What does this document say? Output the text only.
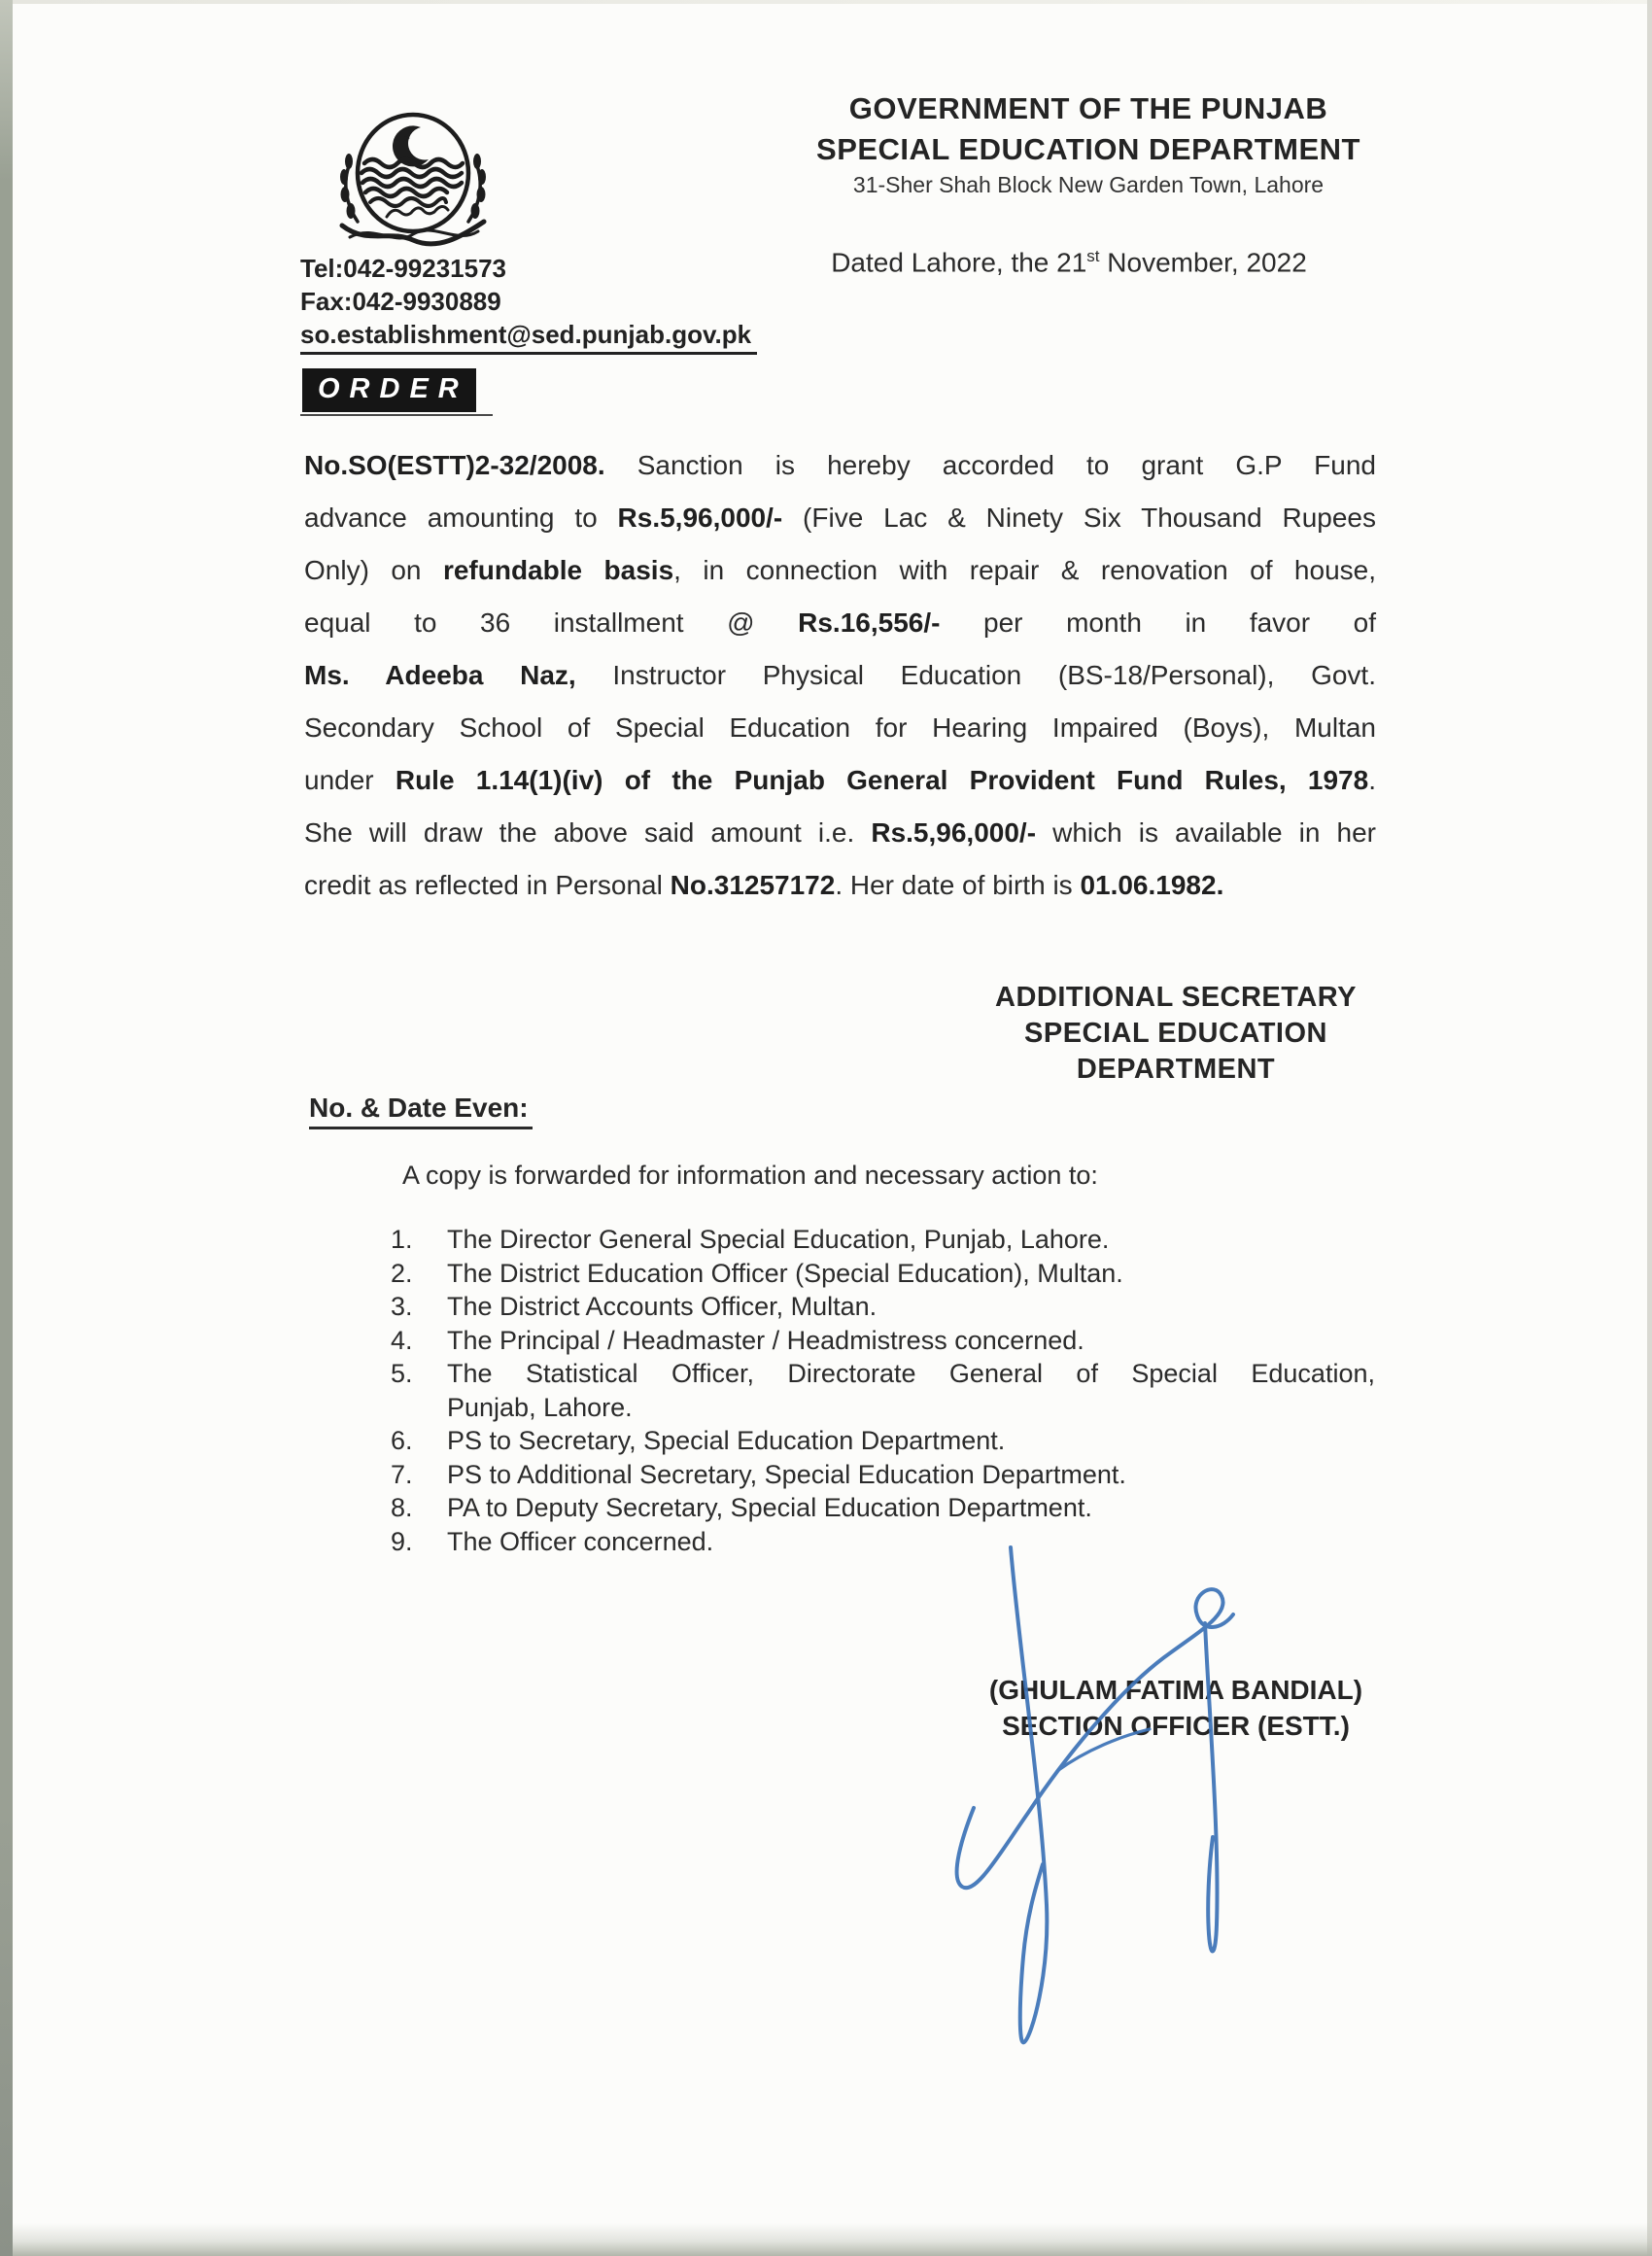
Tel:042-99231573
Fax:042-9930889
so.establishment@sed.punjab.gov.pk
GOVERNMENT OF THE PUNJAB
SPECIAL EDUCATION DEPARTMENT
31-Sher Shah Block New Garden Town, Lahore
Dated Lahore, the 21st November, 2022
ORDER
No.SO(ESTT)2-32/2008. Sanction is hereby accorded to grant G.P Fund
advance amounting to Rs.5,96,000/- (Five Lac & Ninety Six Thousand Rupees
Only) on refundable basis, in connection with repair & renovation of house,
equal to 36 installment @ Rs.16,556/- per month in favor of
Ms. Adeeba Naz, Instructor Physical Education (BS-18/Personal), Govt.
Secondary School of Special Education for Hearing Impaired (Boys), Multan
under Rule 1.14(1)(iv) of the Punjab General Provident Fund Rules, 1978.
She will draw the above said amount i.e. Rs.5,96,000/- which is available in her
credit as reflected in Personal No.31257172. Her date of birth is 01.06.1982.
ADDITIONAL SECRETARY
SPECIAL EDUCATION
DEPARTMENT
No. & Date Even:
A copy is forwarded for information and necessary action to:
1.	The Director General Special Education, Punjab, Lahore.
2.	The District Education Officer (Special Education), Multan.
3.	The District Accounts Officer, Multan.
4.	The Principal / Headmaster / Headmistress concerned.
5.	The Statistical Officer, Directorate General of Special Education,
Punjab, Lahore.
6.	PS to Secretary, Special Education Department.
7.	PS to Additional Secretary, Special Education Department.
8.	PA to Deputy Secretary, Special Education Department.
9.	The Officer concerned.
(GHULAM FATIMA BANDIAL)
SECTION OFFICER (ESTT.)
